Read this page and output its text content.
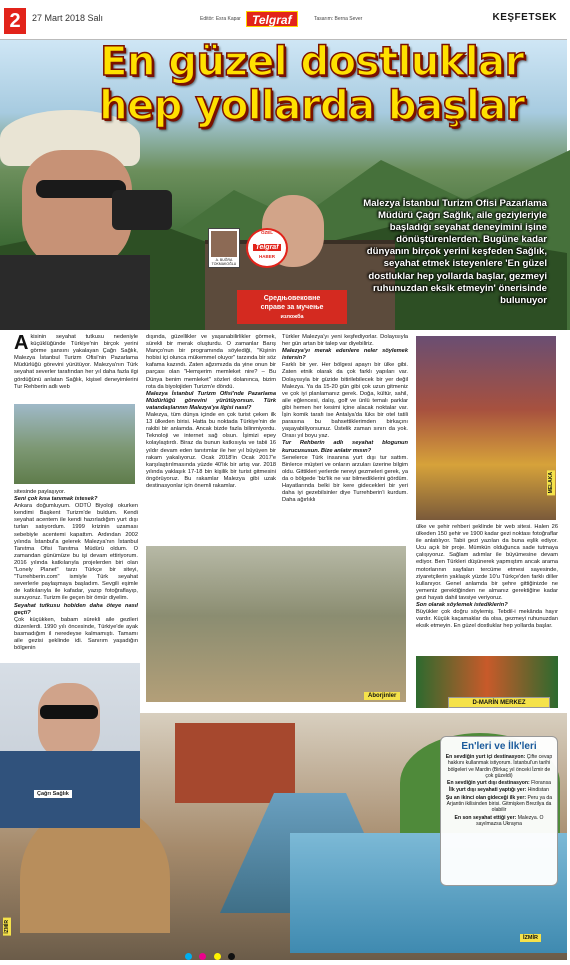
2	27 Mart 2018 Salı	Editör: Esra Kapar Telgraf	Tasarım: Berna Sever	KEŞFETSEK
Средњовековне
справе за мучење
изложба
MEDIEVAL
A. BUĞRA TOKMAKOĞLU
ÖZEL
Telgraf
HABER
Malezya İstanbul Turizm Ofisi Pazarlama Müdürü Çağrı Sağlık, aile geziyleriyle başladığı seyahat deneyimini işine dönüştürenlerden. Bugüne kadar dünyanın birçok yerini keşfeden Sağlık, seyahat etmek isteyenlere 'En güzel dostluklar hep yollarda başlar, gezmeyi ruhunuzdan eksik etmeyin' önerisinde bulunuyor
En güzel dostluklar
hep yollarda başlar
A kisinin seyahat tutkusu nedeniyle küçüklüğünde Türkiye'nin birçok yerini görme şansını yakalayan Çağrı Sağlık, Malezya İstanbul Turizm Ofisi'nin Pazarlama Müdürlüğü görevini yürütüyor. Malezya'nın Türk seyahat severler tarafından her yıl daha fazla ilgi gördüğünü anlatan Sağlık, kişisel deneyimlerini Tur Rehberin adlı web

sitesinde paylaşıyor.

Seni çok kısa tanımak istesek?

Ankara doğumluyum. ODTÜ Biyoloji okurken kendimi Başkent Turizm'de buldum. Kendi seyahat acentem ile kendi hazırladığım yurt dışı turları satıyordum. 1999 krizinin uzaması sebebiyle acentemi kapattım. Ardından 2002 yılında İstanbul'a gelerek Malezya'nın İstanbul Tanıtma Ofisi Tanıtma Müdürü oldum. O zamandan günümüze bu işi devam ettiriyorum. 2016 yılında katkılarıyla projelerden biri olan "Lonely Planet" tarzı Türkçe bir siteyi, "Turrehberin.com" ismiyle Türk seyahat severlerle paylaşmaya başladım. Sevgili eşimle de katkılarıyla ile kafadar, yazıp fotoğraflayıp, sunuyoruz. Turizm ile geçen bir ömür diyelim.

Seyahat tutkusu hobiden daha öteye nasıl geçti?

Çok küçükken, babam sürekli aile gezileri düzenlerdi. 1990 yılı öncesinde, Türkiye'de ayak basmadığım il neredeyse kalmamıştı. Tamamı aile gezisi şeklinde idi. Sanırım yaşadığın bölgenin

dışında, güzellikler ve yaşanabilirlikler görmek, sürekli bir merak oluşturdu. O zamanlar Barış Manço'nun bir programında söylediği, "Kişinin hobisi içi olunca mükemmel oluyor" tarzında bir söz kafama kazındı. Zaten ağzımızda da yine onun bir parçası olan "Hemşerim memleket nire? – Bu Dünya benim memleket" sözleri dolanınca, bizim rota da biyolojiden Turizm'e döndü.

Malezya İstanbul Turizm Ofisi'nde Pazarlama Müdürlüğü görevini yürütüyorsun. Türk vatandaşlarının Malezya'ya ilgisi nasıl?

Malezya, tüm dünya içinde en çok turist çeken ilk 13 ülkeden birisi. Hatta bu noktada Türkiye'nin de rakibi bir anlamda. Ancak bizde fazla bilinmiyordu. Teknoloji ve internet sağ olsun. İşimizi epey kolaylaştırdı. Biraz da bunun katkısıyla ve tabii 16 yıldır devam eden tanıtımlar ile her yıl büyüyen bir rakam yakalıyoruz. Ocak 2018'in Ocak 2017'e karşılaştırılmasında yüzde 40'lık bir artış var. 2018 yılında yaklaşık 17-18 bin kişilik bir turist gitmesini öngörüyoruz. Bu rakamlar Malezya gibi uzak destinasyonlar için önemli rakamlar.

Türkler Malezya'yı yeni keşfediyorlar. Dolayısıyla her gün artan bir talep var diyebiliriz.

Malezya'yı merak edenlere neler söylemek istersin?

Farklı bir yer. Her bölgesi apayrı bir ülke gibi. Zaten etnik olarak da çok farklı yapıları var. Dolayısıyla bir güzide bitirilebilecek bir yer değil Malezya. Ya da 15-20 gün gibi çok uzun gitmeniz ve çok iyi planlamanız gerek. Doğa, kültür, sahil, aile eğlencesi, dalış, golf ve ünlü temalı parklar gibi hemen her kesimi içine alacak noktalar var. İşin komik tarafı ise Antalya'da lüks bir otel tatili parasına bu bahsettiklerimden birkaçını yaşayabiliyorsunuz. Üstelik zaman sınırı da yok. Orası yıl boyu yaz.

Tur Rehberin adlı seyahat blogunun kurucususun. Bize anlatır mısın?

Senelerce Türk insanına yurt dışı tur sattım. Binlerce müşteri ve onların arzuları üzerine bilgim oldu. Gittikleri yerlerde nereyi gezmeleri gerek, ya da o bölgede 'biz'lik ne var bilmediklerini gördüm. Hayatlarında belki bir kere gidecekleri bir yeri daha iyi gezebilsinler diye Turrehberin'i kurdum. Daha ağırlıklı

MELAKA

ülke ve şehir rehberi şeklinde bir web sitesi. Halen 26 ülkeden 150 şehir ve 1900 kadar gezi noktası fotoğraflar ile anlatılıyor. Tabii gezi yazıları da buna eşlik ediyor. Ucu açık bir proje. Mümkün olduğunca sade tutmaya çalışıyoruz. Sağlam adımlar ile büyümesine devam ediyor. Ben Türkleri düşünerek yapmıştım ancak arama motorlarının sayfaları tercüme etmesi sayesinde, ziyaretçilerin yaklaşık yüzde 10'u Türkçe'den farklı diller kullanıyor. Genel anlamda bir şehre gittiğinizde ne yemeniz gerektiğinden ne almanız gerektiğine kadar gezi hayatı dahil tavsiye veriyoruz.

Son olarak söylemek istediklerin?

Büyükler çok doğru söylemiş. Tebdil-i mekânda hayır vardır. Küçük kaçamaklar da olsa, gezmeyi ruhunuzdan eksik etmeyin. En güzel dostluklar hep yollarda başlar.

Aborjinler
D-MARİN MERKEZ
Çağrı Sağlık
En'leri ve İlk'leri
En sevdiğin yurt içi destinasyon: Çifte cevap hakkını kullanmak istiyorum. İstanbul'un tarihi bölgeleri ve Mardin (Birkaç yıl önceki İzmir de çok güzeldi)
En sevdiğin yurt dışı destinasyon: Floransa
İlk yurt dışı seyahati yaptığı yer: Hindistan
Şu an ikinci olan gideceği ilk yer: Peru ya da Arjantin ikilisinden birisi. Gitmişken Brezilya da olabilir
En son seyahat ettiği yer: Malezya. O sayılmazsa Ukrayna
İZMİR
İZMİR
